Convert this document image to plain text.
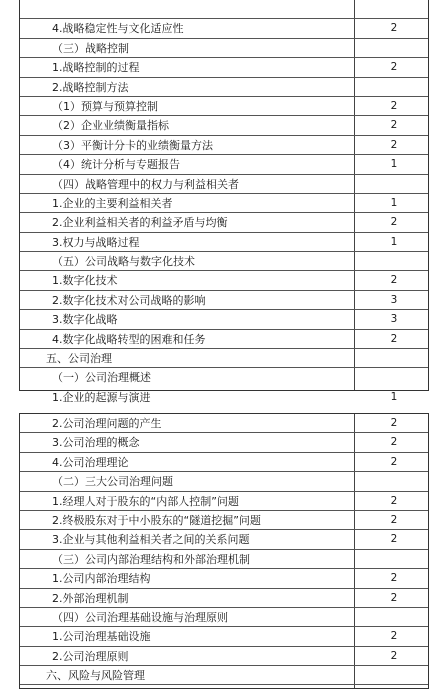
4.战略稳定性与文化适应性	2
（三）战略控制
1.战略控制的过程	2
2.战略控制方法
（1）预算与预算控制	2
（2）企业业绩衡量指标	2
（3）平衡计分卡的业绩衡量方法	2
（4）统计分析与专题报告	1
（四）战略管理中的权力与利益相关者
1.企业的主要利益相关者	1
2.企业利益相关者的利益矛盾与均衡	2
3.权力与战略过程	1
（五）公司战略与数字化技术
1.数字化技术	2
2.数字化技术对公司战略的影响	3
3.数字化战略	3
4.数字化战略转型的困难和任务	2
五、公司治理
（一）公司治理概述
1.企业的起源与演进	1
2.公司治理问题的产生	2
3.公司治理的概念	2
4.公司治理理论	2
（二）三大公司治理问题
1.经理人对于股东的“内部人控制”问题	2
2.终极股东对于中小股东的“隧道挖掘”问题	2
3.企业与其他利益相关者之间的关系问题	2
（三）公司内部治理结构和外部治理机制
1.公司内部治理结构	2
2.外部治理机制	2
（四）公司治理基础设施与治理原则
1.公司治理基础设施	2
2.公司治理原则	2
六、风险与风险管理
